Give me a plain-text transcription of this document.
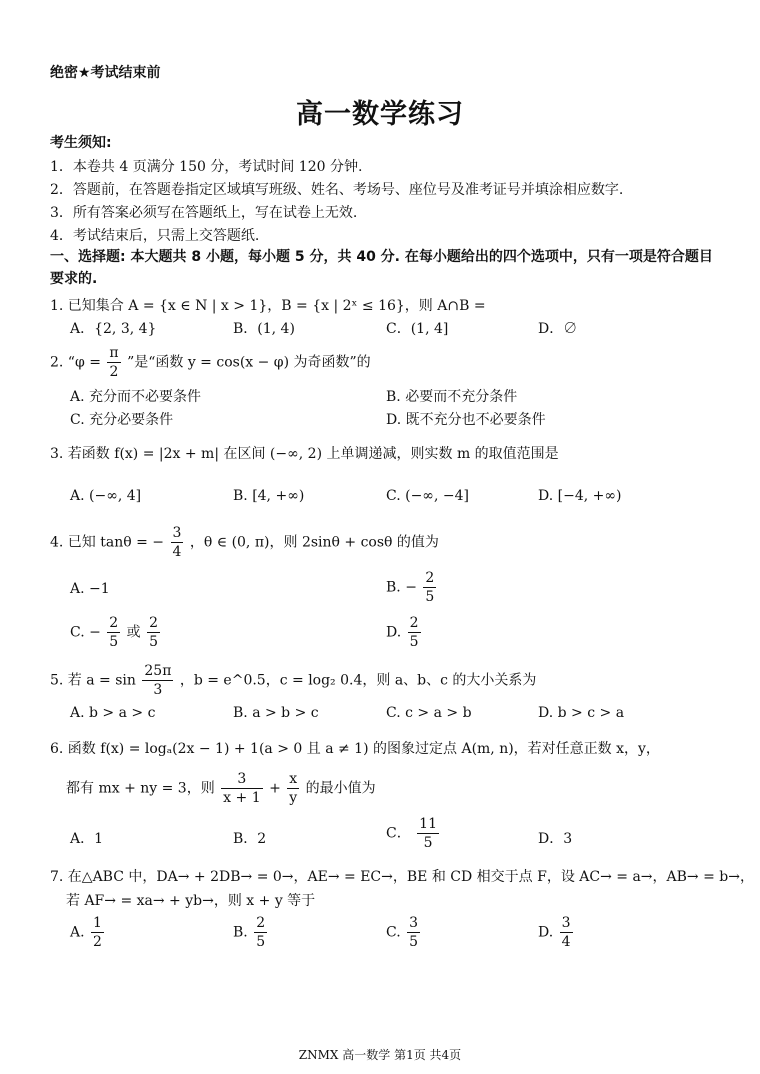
绝密★考试结束前
高一数学练习
考生须知:
1．本卷共 4 页满分 150 分，考试时间 120 分钟.
2．答题前，在答题卷指定区域填写班级、姓名、考场号、座位号及准考证号并填涂相应数字.
3．所有答案必须写在答题纸上，写在试卷上无效.
4．考试结束后，只需上交答题纸.
一、选择题: 本大题共 8 小题，每小题 5 分，共 40 分. 在每小题给出的四个选项中，只有一项是符合题目要求的.
1. 已知集合 A = {x ∈ N | x > 1}，B = {x | 2ˣ ≤ 16}，则 A∩B =
A．{2, 3, 4}	B．(1, 4)	C．(1, 4]	D．∅
2. “$\varphi = \frac{\pi}{2}$ ”是“函数 y = cos(x − φ) 为奇函数”的
A. 充分而不必要条件	B. 必要而不充分条件
C. 充分必要条件	D. 既不充分也不必要条件
3. 若函数 f(x) = |2x + m| 在区间 (−∞, 2) 上单调递减，则实数 m 的取值范围是
A. (−∞, 4]	B. [4, +∞)	C. (−∞, −4]	D. [−4, +∞)
4. 已知 tanθ = − $\frac{3}{4}$ ，θ ∈ (0, π)，则 2sinθ + cosθ 的值为
A. −1	B. − $\frac{2}{5}$
C. − $\frac{2}{5}$ 或 $\frac{2}{5}$	D. $\frac{2}{5}$
5. 若 $a = \sin \frac{25\pi}{3}$ ，b = e^0.5，c = log₂ 0.4，则 a、b、c 的大小关系为
A. b > a > c	B. a > b > c	C. c > a > b	D. b > c > a
6. 函数 f(x) = logₐ(2x − 1) + 1(a > 0 且 a ≠ 1) 的图象过定点 A(m, n)，若对任意正数 x，y，
都有 mx + ny = 3，则 $\frac{3}{x + 1} + \frac{x}{y}$ 的最小值为
A．1	B．2	C． $\frac{11}{5}$	D．3
7. 在△ABC 中，DA→ + 2DB→ = 0→，AE→ = EC→，BE 和 CD 相交于点 F，设 AC→ = a→，AB→ = b→，
若 AF→ = xa→ + yb→，则 x + y 等于
A. $\frac{1}{2}$	B. $\frac{2}{5}$	C. $\frac{3}{5}$	D. $\frac{3}{4}$
ZNMX 高一数学 第1页 共4页
